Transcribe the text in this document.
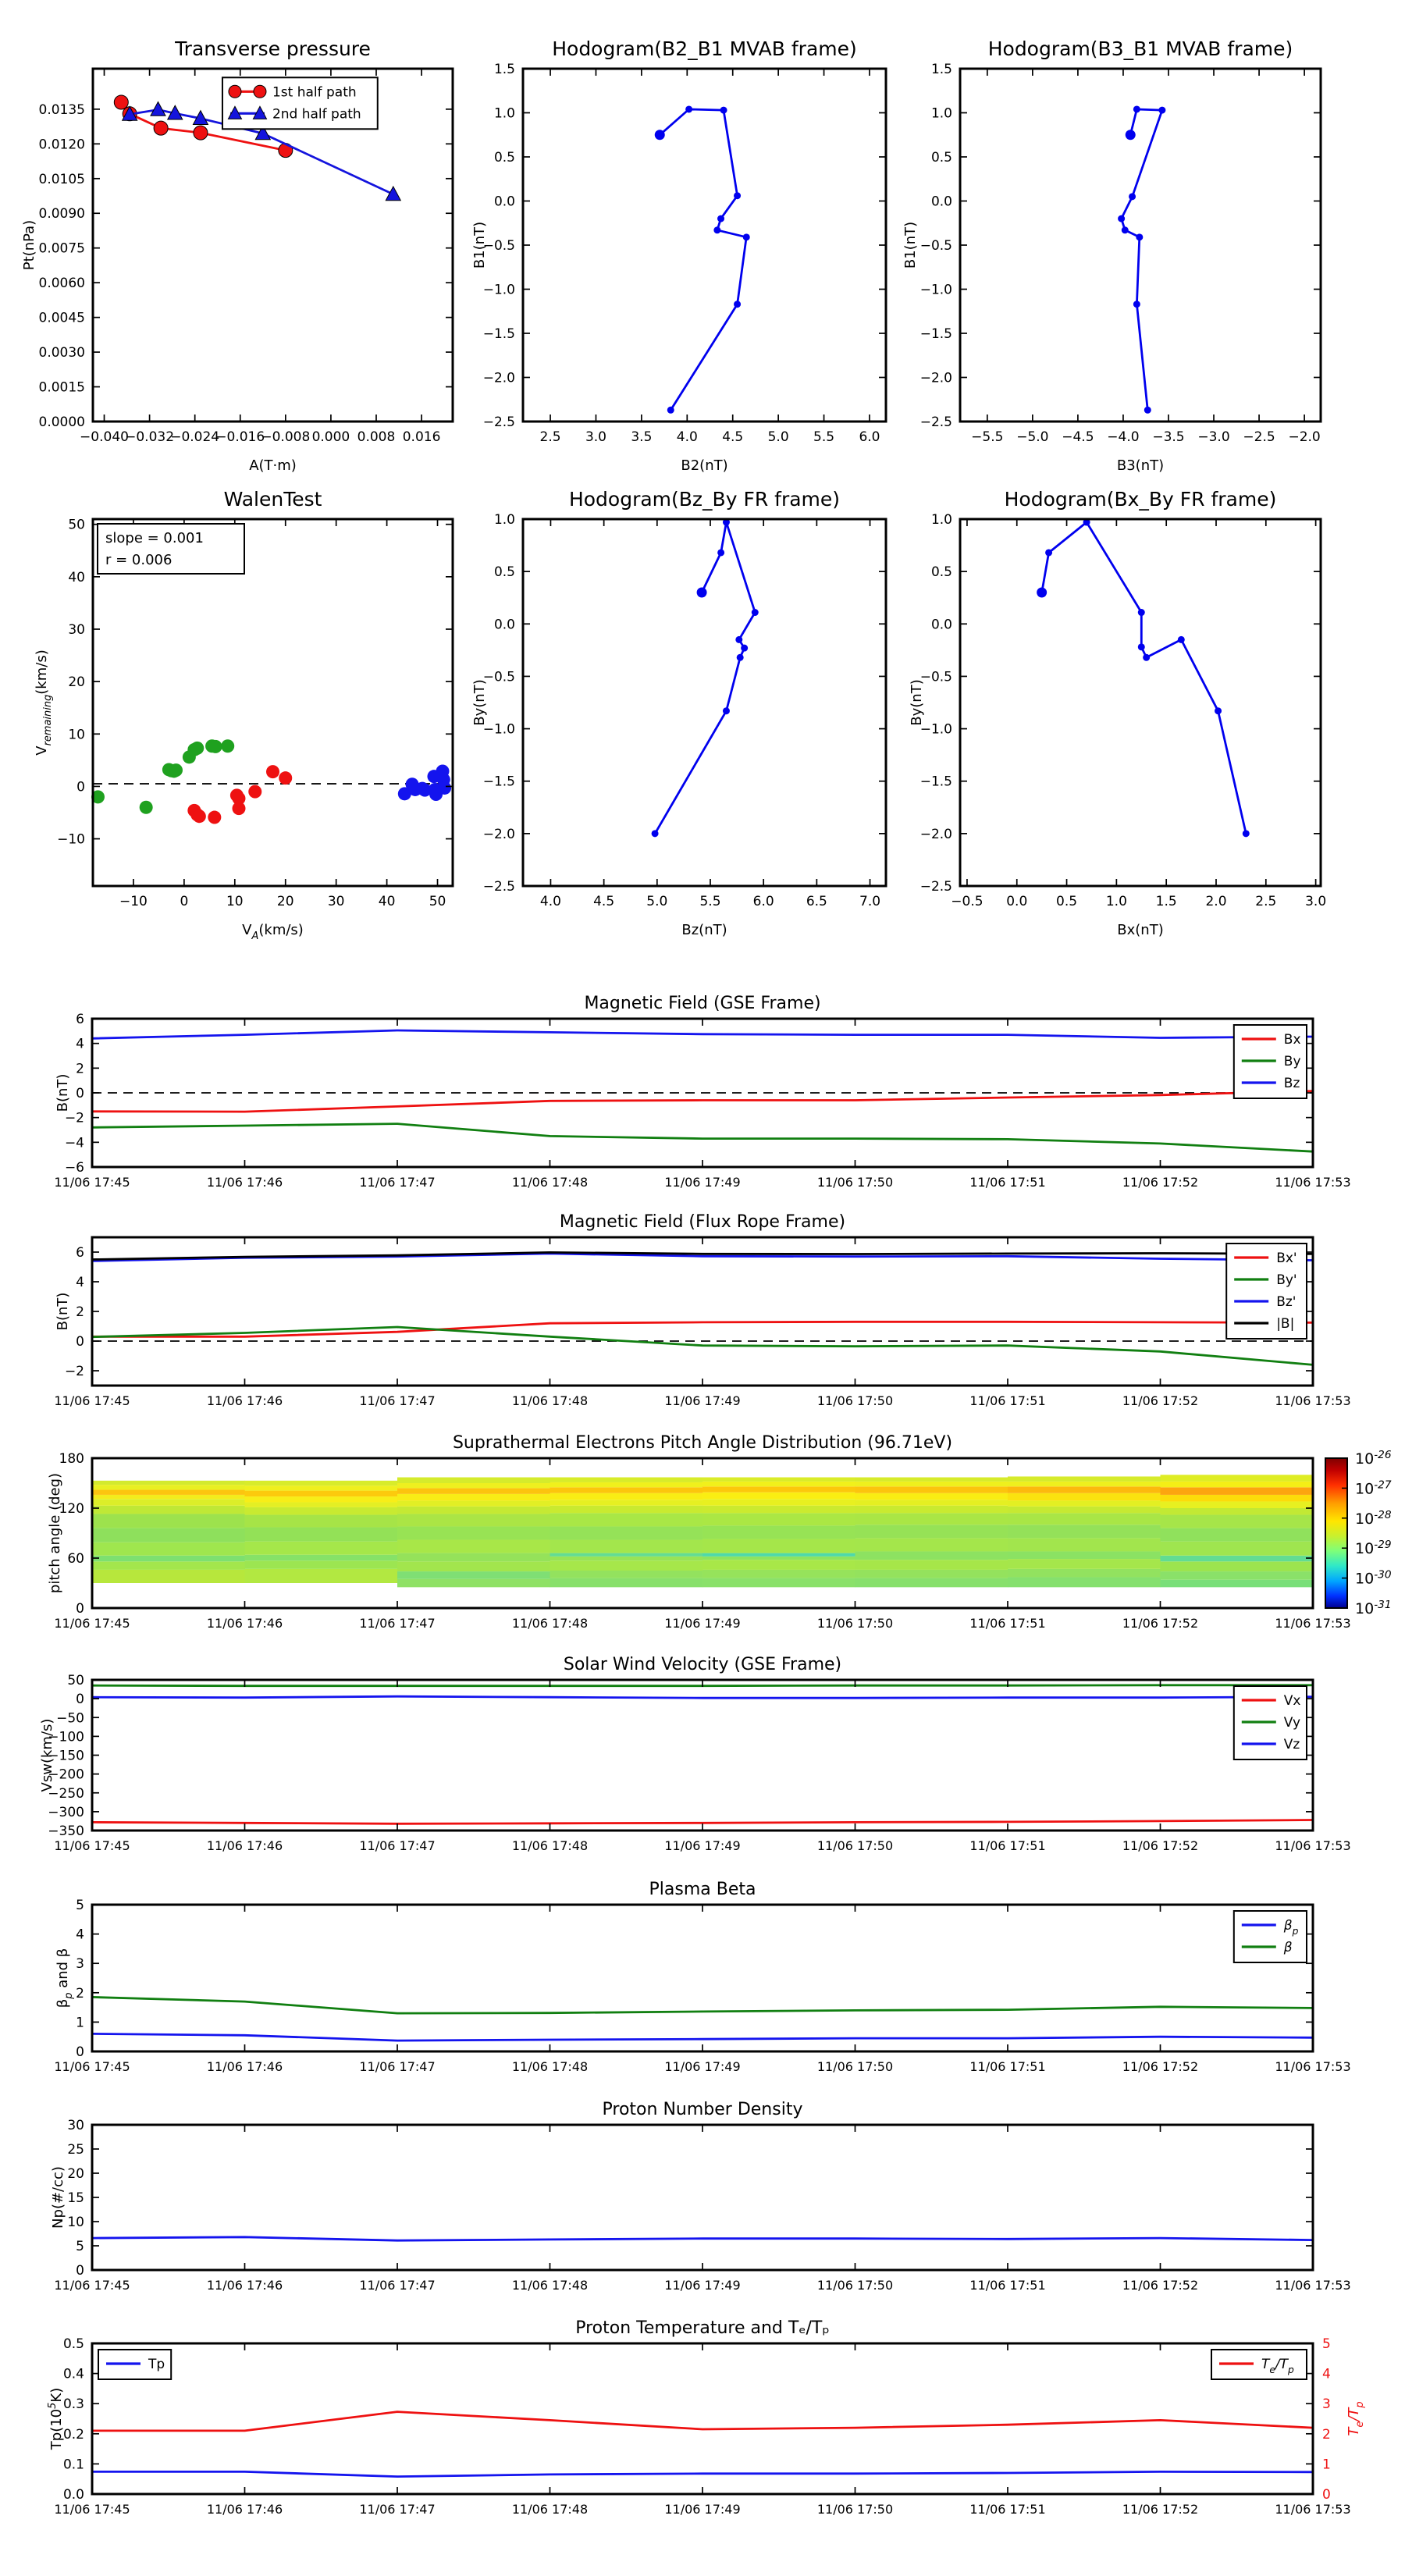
−0.040
−0.032
−0.024
−0.016
−0.008 0.000 0.008 0.016
0.0000
0.0015
0.0030
0.0045
0.0060
0.0075
0.0090
0.0105
0.0120
0.0135
A(T·m)
Pt(nPa)
1st half path
2nd half path
2.5 3.0 3.5 4.0 4.5 5.0 5.5 6.0
1.5
1.0
0.5
0.0
−0.5
−1.0
−1.5
−2.0
−2.5
B2(nT)
B1(nT)
−5.5 −5.0 −4.5 −4.0 −3.5 −3.0 −2.5 −2.0
1.5
1.0
0.5
0.0
−0.5
−1.0
−1.5
−2.0
−2.5
B3(nT)
B1(nT)
−10 0	10	20	30	40	50
−10
0
10
20
30
40
50
$V_A(km/s)$
$V_{remaining}(km/s)$
slope = 0.001
r = 0.006
4.0 4.5 5.0 5.5 6.0 6.5 7.0
1.0
0.5
0.0
−0.5
−1.0
−1.5
−2.0
−2.5
Bz(nT)
By(nT)
−0.5 0.0 0.5 1.0 1.5 2.0 2.5 3.0
1.0
0.5
0.0
−0.5
−1.0
−1.5
−2.0
−2.5
Bx(nT)
By(nT)
11/06 17:45	11/06 17:46	11/06 17:47	11/06 17:48	11/06 17:49	11/06 17:50	11/06 17:51	11/06 17:52	11/06 17:53
−6
−4
−2
0
2
4
6
B(nT)
Bx
By
Bz
11/06 17:45	11/06 17:46	11/06 17:47	11/06 17:48	11/06 17:49	11/06 17:50	11/06 17:51	11/06 17:52	11/06 17:53
−2
0
2
4
6
B(nT)
Bx'
By'
Bz'
|B|
11/06 17:45	11/06 17:46	11/06 17:47	11/06 17:48	11/06 17:49	11/06 17:50	11/06 17:51	11/06 17:52	11/06 17:53
0
60
120
180
pitch angle (deg)
$10^{-26}$
$10^{-27}$
$10^{-28}$
$10^{-29}$
$10^{-30}$
$10^{-31}$
11/06 17:45	11/06 17:46	11/06 17:47	11/06 17:48	11/06 17:49	11/06 17:50	11/06 17:51	11/06 17:52	11/06 17:53
50
0
−50
−100
−150
−200
−250
−300
−350
Vsw(km/s)
Vx
Vy
Vz
11/06 17:45	11/06 17:46	11/06 17:47	11/06 17:48	11/06 17:49	11/06 17:50	11/06 17:51	11/06 17:52	11/06 17:53
0
1
2
3
4
5
$\beta_p$ and β
$\beta_p$
β
11/06 17:45	11/06 17:46	11/06 17:47	11/06 17:48	11/06 17:49	11/06 17:50	11/06 17:51	11/06 17:52	11/06 17:53
0
5
10
15
20
25
30
Np(#/cc)
11/06 17:45	11/06 17:46	11/06 17:47	11/06 17:48	11/06 17:49	11/06 17:50	11/06 17:51	11/06 17:52	11/06 17:53
0.0
0.1
0.2
0.3
0.4
0.5
0
1
2
3
4
5
$T_e/T_p$
$Tp(10^5K)$
Tp	$T_e/T_p$
Transverse pressure	Hodogram(B2_B1 MVAB frame)	Hodogram(B3_B1 MVAB frame)
WalenTest	Hodogram(Bz_By FR frame)	Hodogram(Bx_By FR frame)
Magnetic Field (GSE Frame)
Magnetic Field (Flux Rope Frame)
Suprathermal Electrons Pitch Angle Distribution (96.71eV)
Solar Wind Velocity (GSE Frame)
Plasma Beta
Proton Number Density
Proton Temperature and Tₑ/Tₚ
